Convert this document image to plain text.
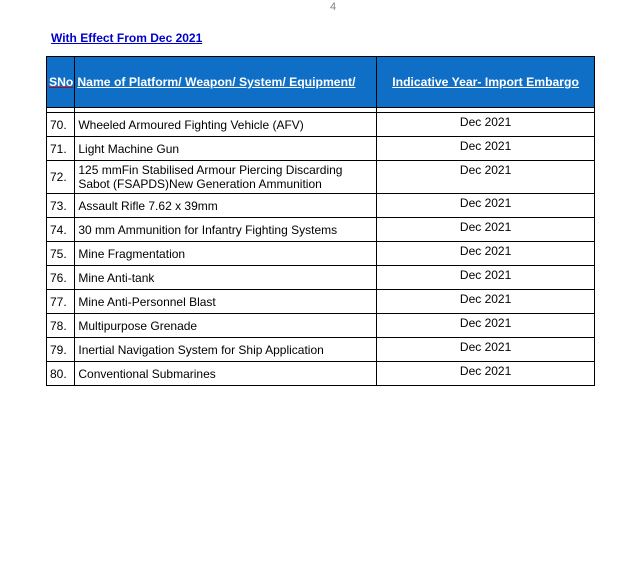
4
With Effect From Dec 2021
SNo	Name of Platform/ Weapon/ System/ Equipment/	Indicative Year- Import Embargo

70.	Wheeled Armoured Fighting Vehicle (AFV)	Dec 2021
71.	Light Machine Gun	Dec 2021
72.	125 mmFin Stabilised Armour Piercing Discarding Sabot (FSAPDS)New Generation Ammunition	Dec 2021
73.	Assault Rifle 7.62 x 39mm	Dec 2021
74.	30 mm Ammunition for Infantry Fighting Systems	Dec 2021
75.	Mine Fragmentation	Dec 2021
76.	Mine Anti-tank	Dec 2021
77.	Mine Anti-Personnel Blast	Dec 2021
78.	Multipurpose Grenade	Dec 2021
79.	Inertial Navigation System for Ship Application	Dec 2021
80.	Conventional Submarines	Dec 2021
